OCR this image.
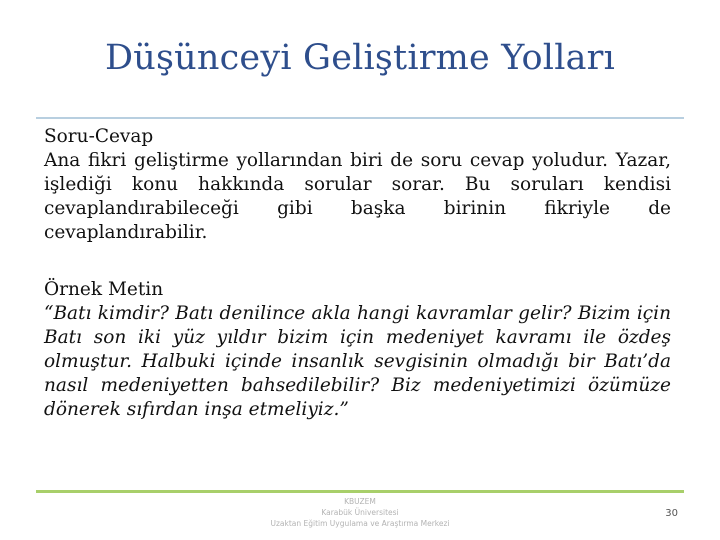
Düşünceyi Geliştirme Yolları
Soru-Cevap
Ana fikri geliştirme yollarından biri de soru cevap yoludur. Yazar, işlediği konu hakkında sorular sorar. Bu soruları kendisi cevaplandırabileceği gibi başka birinin fikriyle de cevaplandırabilir.
Örnek Metin
“Batı kimdir? Batı denilince akla hangi kavramlar gelir? Bizim için Batı son iki yüz yıldır bizim için medeniyet kavramı ile özdeş olmuştur. Halbuki içinde insanlık sevgisinin olmadığı bir Batı’da nasıl medeniyetten bahsedilebilir? Biz medeniyetimizi özümüze dönerek sıfırdan inşa etmeliyiz.”
KBUZEM
Karabük Üniversitesi
Uzaktan Eğitim Uygulama ve Araştırma Merkezi
30
